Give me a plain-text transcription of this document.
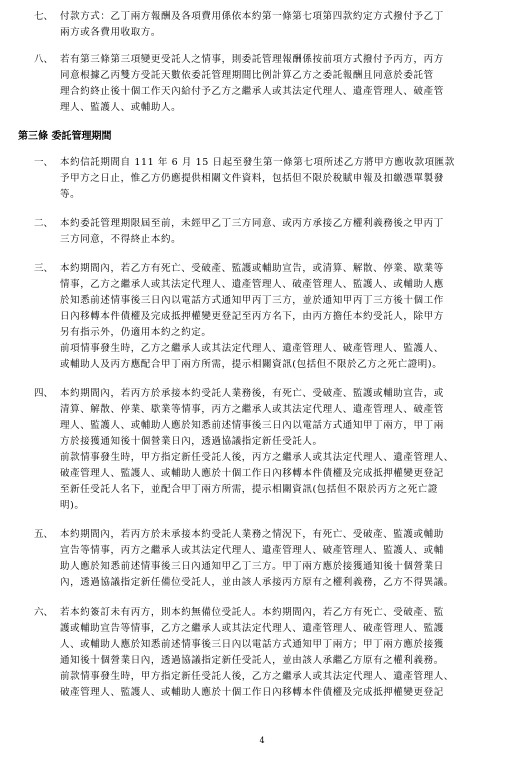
七、 付款方式：乙丁兩方報酬及各項費用係依本約第一條第七項第四款約定方式撥付予乙丁
兩方或各費用收取方。
八、 若有第三條第三項變更受託人之情事，則委託管理報酬係按前項方式撥付予丙方，丙方
同意根據乙丙雙方受託天數依委託管理期間比例計算乙方之委託報酬且同意於委託管
理合約終止後十個工作天內給付予乙方之繼承人或其法定代理人、遺產管理人、破產管
理人、監護人、或輔助人。
第三條 委託管理期間
一、 本約信託期間自 111 年 6 月 15 日起至發生第一條第七項所述乙方將甲方應收款項匯款
予甲方之日止，惟乙方仍應提供相關文件資料，包括但不限於稅賦申報及扣繳憑單製發
等。
二、 本約委託管理期限屆至前，未經甲乙丁三方同意、或丙方承接乙方權利義務後之甲丙丁
三方同意，不得終止本約。
三、 本約期間內，若乙方有死亡、受破產、監護或輔助宣告，或清算、解散、停業、歇業等
情事，乙方之繼承人或其法定代理人、遺產管理人、破產管理人、監護人、或輔助人應
於知悉前述情事後三日內以電話方式通知甲丙丁三方，並於通知甲丙丁三方後十個工作
日內移轉本件債權及完成抵押權變更登記至丙方名下，由丙方擔任本約受託人，除甲方
另有指示外，仍適用本約之約定。
前項情事發生時，乙方之繼承人或其法定代理人、遺產管理人、破產管理人、監護人、
或輔助人及丙方應配合甲丁兩方所需，提示相關資訊(包括但不限於乙方之死亡證明)。
四、 本約期間內，若丙方於承接本約受託人業務後，有死亡、受破產、監護或輔助宣告，或
清算、解散、停業、歇業等情事，丙方之繼承人或其法定代理人、遺產管理人、破產管
理人、監護人、或輔助人應於知悉前述情事後三日內以電話方式通知甲丁兩方，甲丁兩
方於接獲通知後十個營業日內，透過協議指定新任受託人。
前款情事發生時，甲方指定新任受託人後，丙方之繼承人或其法定代理人、遺產管理人、
破產管理人、監護人、或輔助人應於十個工作日內移轉本件債權及完成抵押權變更登記
至新任受託人名下，並配合甲丁兩方所需，提示相關資訊(包括但不限於丙方之死亡證
明)。
五、 本約期間內，若丙方於未承接本約受託人業務之情況下，有死亡、受破產、監護或輔助
宣告等情事，丙方之繼承人或其法定代理人、遺產管理人、破產管理人、監護人、或輔
助人應於知悉前述情事後三日內通知甲乙丁三方。甲丁兩方應於接獲通知後十個營業日
內，透過協議指定新任備位受託人，並由該人承接丙方原有之權利義務，乙方不得異議。
六、 若本約簽訂未有丙方，則本約無備位受託人。本約期間內，若乙方有死亡、受破產、監
護或輔助宣告等情事，乙方之繼承人或其法定代理人、遺產管理人、破產管理人、監護
人、或輔助人應於知悉前述情事後三日內以電話方式通知甲丁兩方；甲丁兩方應於接獲
通知後十個營業日內，透過協議指定新任受託人，並由該人承繼乙方原有之權利義務。
前款情事發生時，甲方指定新任受託人後，乙方之繼承人或其法定代理人、遺產管理人、
破產管理人、監護人、或輔助人應於十個工作日內移轉本件債權及完成抵押權變更登記
4
